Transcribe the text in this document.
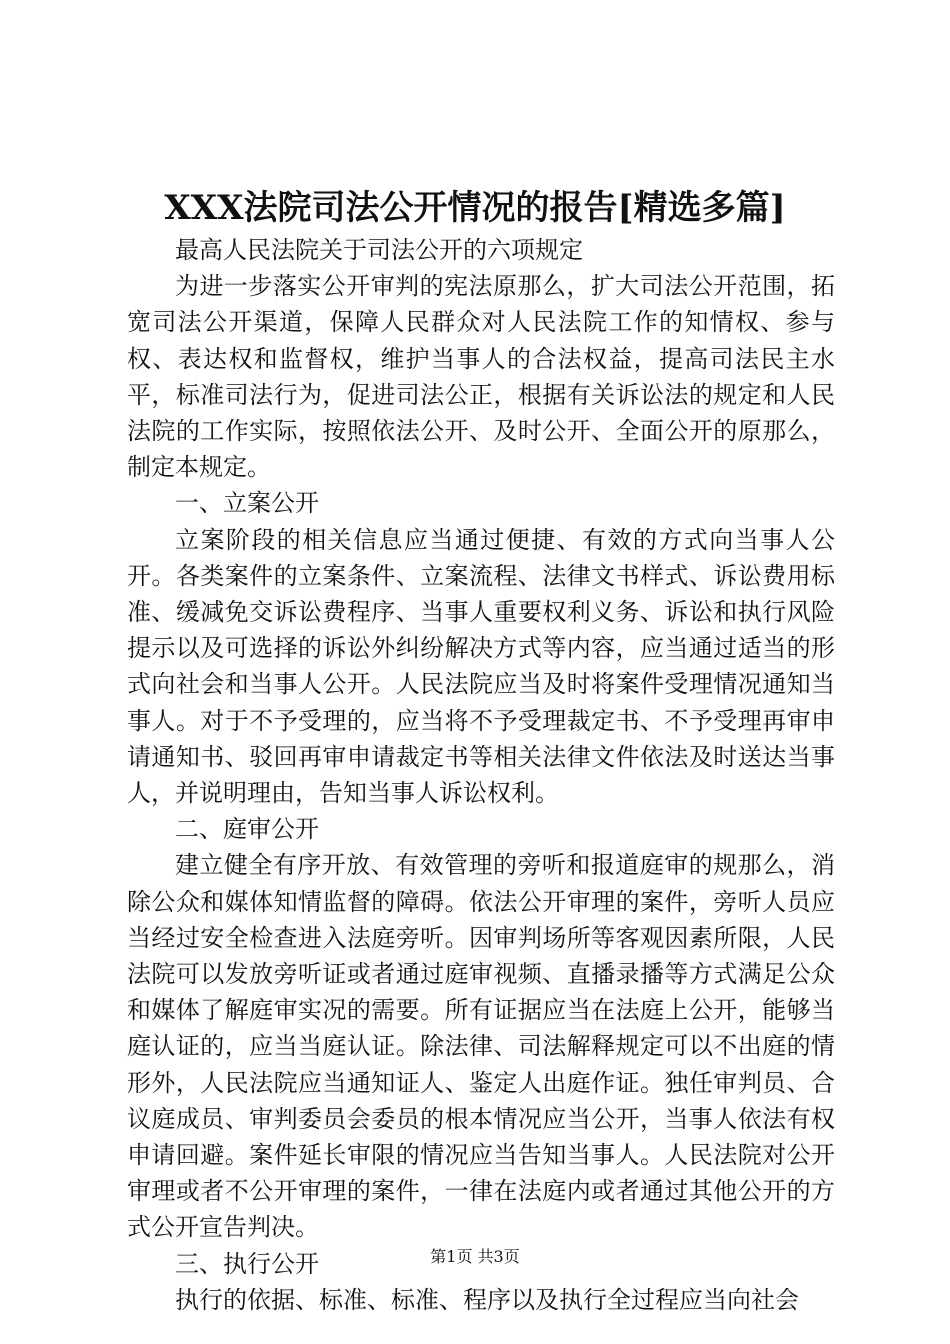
XXX法院司法公开情况的报告[精选多篇]

最高人民法院关于司法公开的六项规定

为进一步落实公开审判的宪法原那么，扩大司法公开范围，拓宽司法公开渠道，保障人民群众对人民法院工作的知情权、参与权、表达权和监督权，维护当事人的合法权益，提高司法民主水平，标准司法行为，促进司法公正，根据有关诉讼法的规定和人民法院的工作实际，按照依法公开、及时公开、全面公开的原那么，制定本规定。

一、立案公开

立案阶段的相关信息应当通过便捷、有效的方式向当事人公开。各类案件的立案条件、立案流程、法律文书样式、诉讼费用标准、缓减免交诉讼费程序、当事人重要权利义务、诉讼和执行风险提示以及可选择的诉讼外纠纷解决方式等内容，应当通过适当的形式向社会和当事人公开。人民法院应当及时将案件受理情况通知当事人。对于不予受理的，应当将不予受理裁定书、不予受理再审申请通知书、驳回再审申请裁定书等相关法律文件依法及时送达当事人，并说明理由，告知当事人诉讼权利。

二、庭审公开

建立健全有序开放、有效管理的旁听和报道庭审的规那么，消除公众和媒体知情监督的障碍。依法公开审理的案件，旁听人员应当经过安全检查进入法庭旁听。因审判场所等客观因素所限，人民法院可以发放旁听证或者通过庭审视频、直播录播等方式满足公众和媒体了解庭审实况的需要。所有证据应当在法庭上公开，能够当庭认证的，应当当庭认证。除法律、司法解释规定可以不出庭的情形外，人民法院应当通知证人、鉴定人出庭作证。独任审判员、合议庭成员、审判委员会委员的根本情况应当公开，当事人依法有权申请回避。案件延长审限的情况应当告知当事人。人民法院对公开审理或者不公开审理的案件，一律在法庭内或者通过其他公开的方式公开宣告判决。

三、执行公开

执行的依据、标准、标准、程序以及执行全过程应当向社会

第1页 共3页
